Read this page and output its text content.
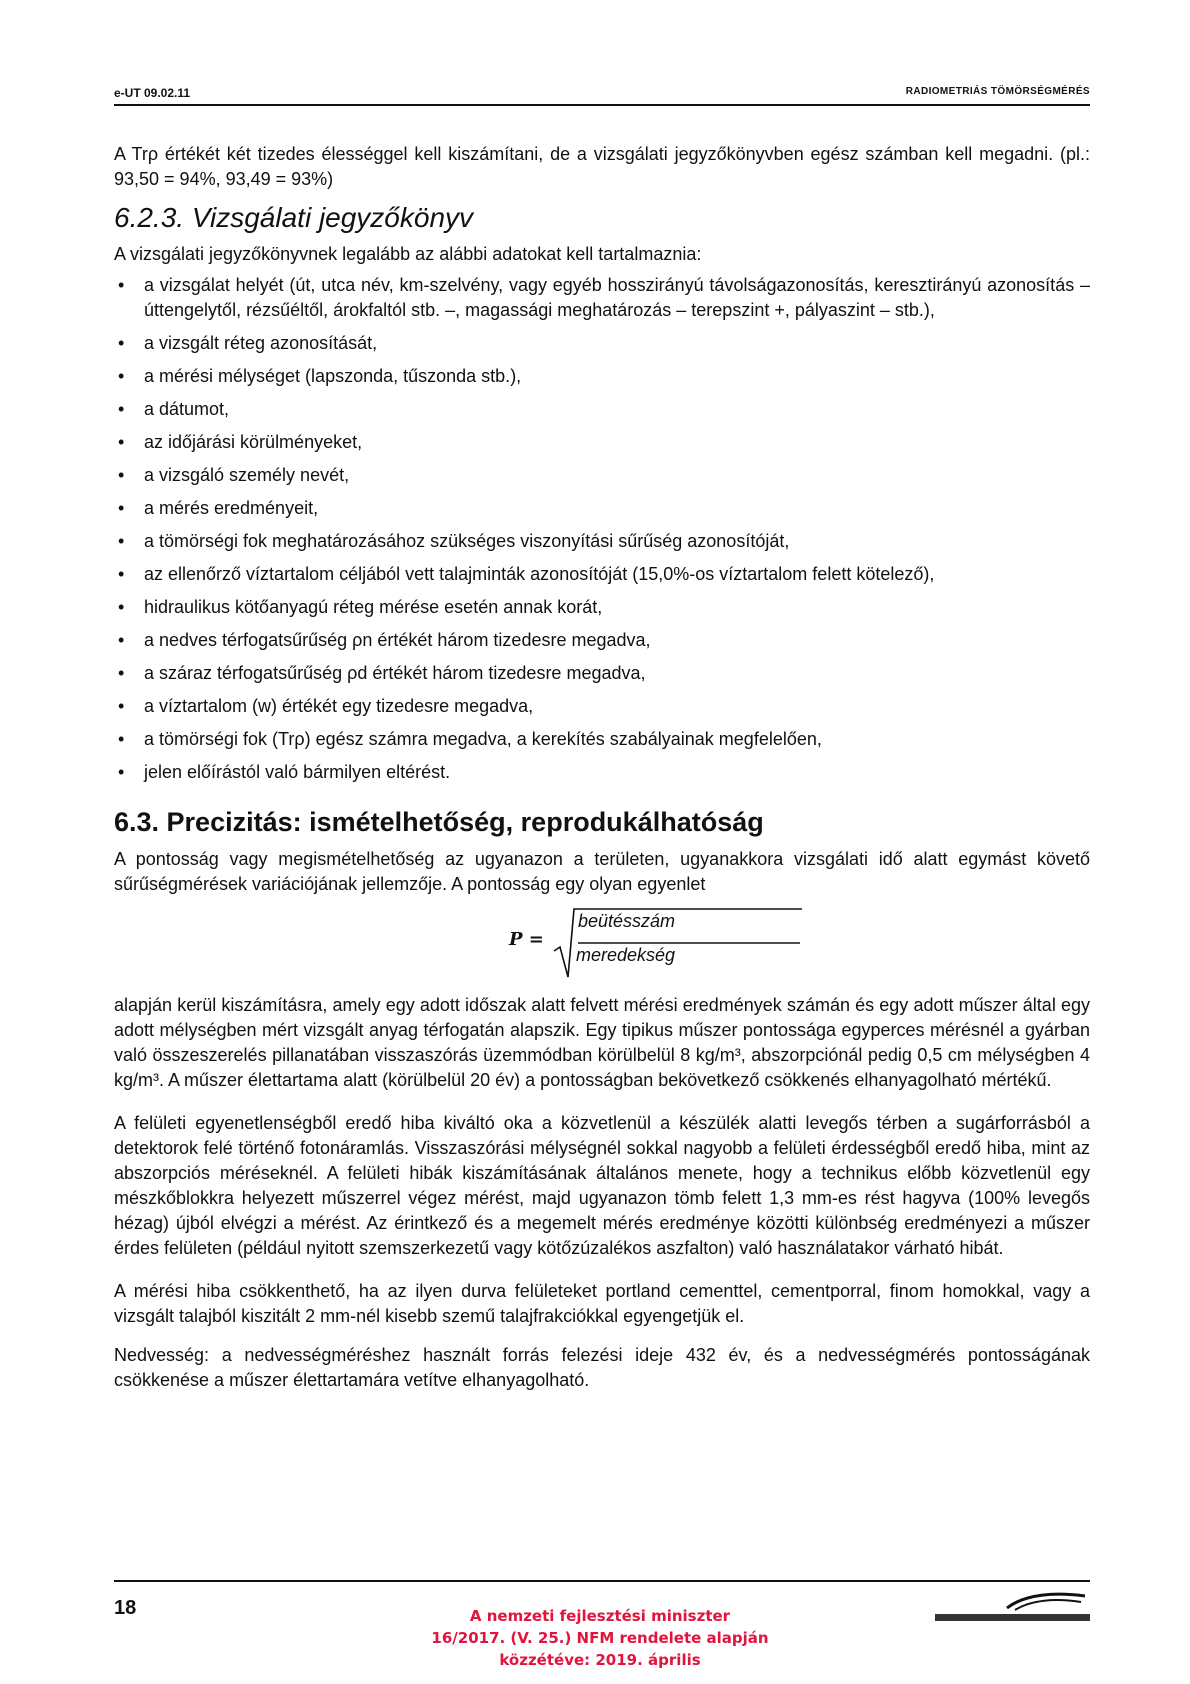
e-UT 09.02.11	RADIOMETRIÁS TÖMÖRSÉGMÉRÉS

A Trρ értékét két tizedes élességgel kell kiszámítani, de a vizsgálati jegyzőkönyvben egész számban kell megadni. (pl.: 93,50 = 94%, 93,49 = 93%)

6.2.3. Vizsgálati jegyzőkönyv

A vizsgálati jegyzőkönyvnek legalább az alábbi adatokat kell tartalmaznia:

• a vizsgálat helyét (út, utca név, km-szelvény, vagy egyéb hosszirányú távolságazonosítás, keresztirányú azonosítás – úttengelytől, rézsűéltől, árokfaltól stb. –, magassági meghatározás – terepszint +, pályaszint – stb.),
• a vizsgált réteg azonosítását,
• a mérési mélységet (lapszonda, tűszonda stb.),
• a dátumot,
• az időjárási körülményeket,
• a vizsgáló személy nevét,
• a mérés eredményeit,
• a tömörségi fok meghatározásához szükséges viszonyítási sűrűség azonosítóját,
• az ellenőrző víztartalom céljából vett talajminták azonosítóját (15,0%-os víztartalom felett kötelező),
• hidraulikus kötőanyagú réteg mérése esetén annak korát,
• a nedves térfogatsűrűség ρn értékét három tizedesre megadva,
• a száraz térfogatsűrűség ρd értékét három tizedesre megadva,
• a víztartalom (w) értékét egy tizedesre megadva,
• a tömörségi fok (Trρ) egész számra megadva, a kerekítés szabályainak megfelelően,
• jelen előírástól való bármilyen eltérést.
6.3. Precizitás: ismételhetőség, reprodukálhatóság

A pontosság vagy megismételhetőség az ugyanazon a területen, ugyanakkora vizsgálati idő alatt egymást követő sűrűségmérések variációjának jellemzője. A pontosság egy olyan egyenlet

P =
beütésszám
meredekség

alapján kerül kiszámításra, amely egy adott időszak alatt felvett mérési eredmények számán és egy adott műszer által egy adott mélységben mért vizsgált anyag térfogatán alapszik. Egy tipikus műszer pontossága egyperces mérésnél a gyárban való összeszerelés pillanatában visszaszórás üzemmódban körülbelül 8 kg/m³, abszorpciónál pedig 0,5 cm mélységben 4 kg/m³. A műszer élettartama alatt (körülbelül 20 év) a pontosságban bekövetkező csökkenés elhanyagolható mértékű.

A felületi egyenetlenségből eredő hiba kiváltó oka a közvetlenül a készülék alatti levegős térben a sugárforrásból a detektorok felé történő fotonáramlás. Visszaszórási mélységnél sokkal nagyobb a felületi érdességből eredő hiba, mint az abszorpciós méréseknél. A felületi hibák kiszámításának általános menete, hogy a technikus előbb közvetlenül egy mészkőblokkra helyezett műszerrel végez mérést, majd ugyanazon tömb felett 1,3 mm-es rést hagyva (100% levegős hézag) újból elvégzi a mérést. Az érintkező és a megemelt mérés eredménye közötti különbség eredményezi a műszer érdes felületen (például nyitott szemszerkezetű vagy kötőzúzalékos aszfalton) való használatakor várható hibát.

A mérési hiba csökkenthető, ha az ilyen durva felületeket portland cementtel, cementporral, finom homokkal, vagy a vizsgált talajból kiszitált 2 mm-nél kisebb szemű talajfrakciókkal egyengetjük el.

Nedvesség: a nedvességméréshez használt forrás felezési ideje 432 év, és a nedvességmérés pontosságának csökkenése a műszer élettartamára vetítve elhanyagolható.

18	A nemzeti fejlesztési miniszter
16/2017. (V. 25.) NFM rendelete alapján
közzétéve: 2019. április
